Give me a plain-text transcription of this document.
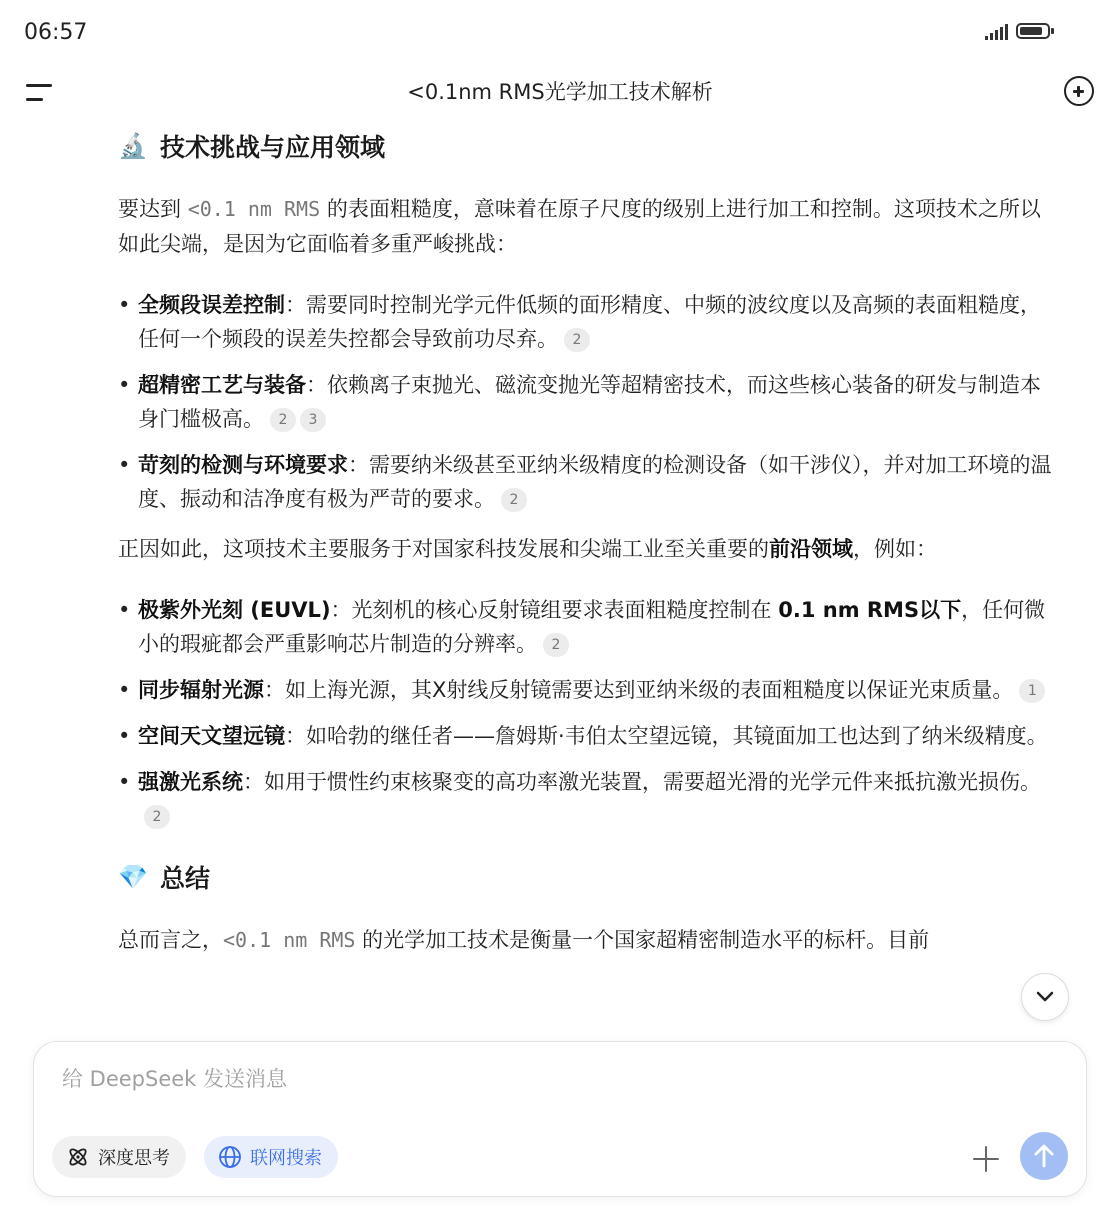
06:57
<0.1nm RMS光学加工技术解析
🔬 技术挑战与应用领域

要达到 <0.1 nm RMS 的表面粗糙度，意味着在原子尺度的级别上进行加工和控制。这项技术之所以如此尖端，是因为它面临着多重严峻挑战：

• 全频段误差控制：需要同时控制光学元件低频的面形精度、中频的波纹度以及高频的表面粗糙度，任何一个频段的误差失控都会导致前功尽弃。 2
• 超精密工艺与装备：依赖离子束抛光、磁流变抛光等超精密技术，而这些核心装备的研发与制造本身门槛极高。 2 3
• 苛刻的检测与环境要求：需要纳米级甚至亚纳米级精度的检测设备（如干涉仪），并对加工环境的温度、振动和洁净度有极为严苛的要求。 2

正因如此，这项技术主要服务于对国家科技发展和尖端工业至关重要的前沿领域，例如：

• 极紫外光刻 (EUVL)：光刻机的核心反射镜组要求表面粗糙度控制在 0.1 nm RMS以下，任何微小的瑕疵都会严重影响芯片制造的分辨率。 2
• 同步辐射光源：如上海光源，其X射线反射镜需要达到亚纳米级的表面粗糙度以保证光束质量。 1
• 空间天文望远镜：如哈勃的继任者——詹姆斯·韦伯太空望远镜，其镜面加工也达到了纳米级精度。
• 强激光系统：如用于惯性约束核聚变的高功率激光装置，需要超光滑的光学元件来抵抗激光损伤。2
💎 总结

总而言之，<0.1 nm RMS 的光学加工技术是衡量一个国家超精密制造水平的标杆。目前

给 DeepSeek 发送消息
深度思考	联网搜索
